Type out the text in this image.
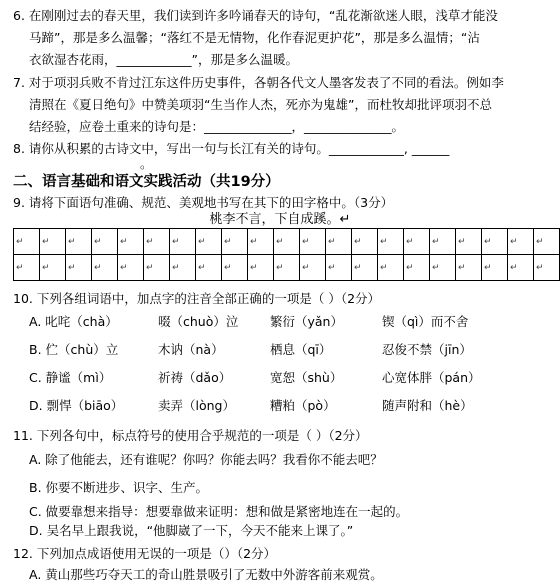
6. 在刚刚过去的春天里，我们读到许多吟诵春天的诗句，“乱花渐欲迷人眼，浅草才能没
马蹄”，那是多么温馨；“落红不是无情物，化作春泥更护花”，那是多么温情；“沾
衣欲湿杏花雨，____________”，那是多么温暖。
7. 对于项羽兵败不肯过江东这件历史事件，各朝各代文人墨客发表了不同的看法。例如李
清照在《夏日绝句》中赞美项羽“生当作人杰，死亦为鬼雄”，而杜牧却批评项羽不总
结经验，应卷土重来的诗句是：______________，______________。
8. 请你从积累的古诗文中，写出一句与长江有关的诗句。____________, ______
。
二、语言基础和语文实践活动（共19分）
9. 请将下面语句准确、规范、美观地书写在其下的田字格中。（3分）
桃李不言，下自成蹊。↵
↵	↵	↵	↵	↵	↵	↵	↵	↵	↵	↵	↵	↵	↵	↵	↵	↵	↵	↵	↵	↵
↵	↵	↵	↵	↵	↵	↵	↵	↵	↵	↵	↵	↵	↵	↵	↵	↵	↵	↵	↵	↵
10. 下列各组词语中，加点字的注音全部正确的一项是（ ）（2分）
A. 叱咤（chà）	啜（chuò）泣	繁衍（yǎn）	锲（qì）而不舍
B. 伫（chù）立	木讷（nà）	栖息（qī）	忍俊不禁（jīn）
C. 静谧（mì）	祈祷（dǎo）	宽恕（shù）	心宽体胖（pán）
D. 剽悍（biāo）	卖弄（lòng）	糟粕（pò）	随声附和（hè）
11. 下列各句中，标点符号的使用合乎规范的一项是（ ）（2分）
A. 除了他能去，还有谁呢？你吗？你能去吗？我看你不能去吧？
B. 你要不断进步、识字、生产。
C. 做要靠想来指导：想要靠做来证明：想和做是紧密地连在一起的。
D. 吴名早上跟我说，“他脚崴了一下，今天不能来上课了。”
12. 下列加点成语使用无误的一项是（）（2分）
A. 黄山那些巧夺天工的奇山胜景吸引了无数中外游客前来观赏。
